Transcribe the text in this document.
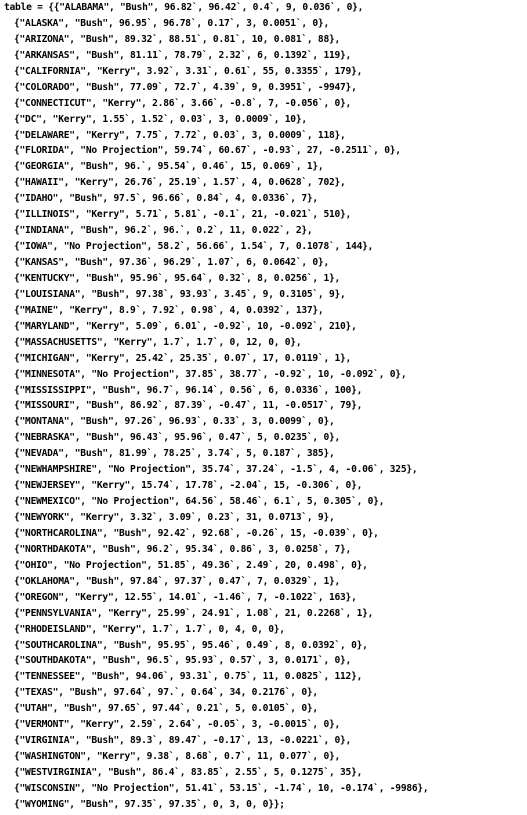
table = {{"ALABAMA", "Bush", 96.82`, 96.42`, 0.4`, 9, 0.036`, 0},
{"ALASKA", "Bush", 96.95`, 96.78`, 0.17`, 3, 0.0051`, 0},
{"ARIZONA", "Bush", 89.32`, 88.51`, 0.81`, 10, 0.081`, 88},
{"ARKANSAS", "Bush", 81.11`, 78.79`, 2.32`, 6, 0.1392`, 119},
{"CALIFORNIA", "Kerry", 3.92`, 3.31`, 0.61`, 55, 0.3355`, 179},
{"COLORADO", "Bush", 77.09`, 72.7`, 4.39`, 9, 0.3951`, -9947},
{"CONNECTICUT", "Kerry", 2.86`, 3.66`, -0.8`, 7, -0.056`, 0},
{"DC", "Kerry", 1.55`, 1.52`, 0.03`, 3, 0.0009`, 10},
{"DELAWARE", "Kerry", 7.75`, 7.72`, 0.03`, 3, 0.0009`, 118},
{"FLORIDA", "No Projection", 59.74`, 60.67`, -0.93`, 27, -0.2511`, 0},
{"GEORGIA", "Bush", 96.`, 95.54`, 0.46`, 15, 0.069`, 1},
{"HAWAII", "Kerry", 26.76`, 25.19`, 1.57`, 4, 0.0628`, 702},
{"IDAHO", "Bush", 97.5`, 96.66`, 0.84`, 4, 0.0336`, 7},
{"ILLINOIS", "Kerry", 5.71`, 5.81`, -0.1`, 21, -0.021`, 510},
{"INDIANA", "Bush", 96.2`, 96.`, 0.2`, 11, 0.022`, 2},
{"IOWA", "No Projection", 58.2`, 56.66`, 1.54`, 7, 0.1078`, 144},
{"KANSAS", "Bush", 97.36`, 96.29`, 1.07`, 6, 0.0642`, 0},
{"KENTUCKY", "Bush", 95.96`, 95.64`, 0.32`, 8, 0.0256`, 1},
{"LOUISIANA", "Bush", 97.38`, 93.93`, 3.45`, 9, 0.3105`, 9},
{"MAINE", "Kerry", 8.9`, 7.92`, 0.98`, 4, 0.0392`, 137},
{"MARYLAND", "Kerry", 5.09`, 6.01`, -0.92`, 10, -0.092`, 210},
{"MASSACHUSETTS", "Kerry", 1.7`, 1.7`, 0, 12, 0, 0},
{"MICHIGAN", "Kerry", 25.42`, 25.35`, 0.07`, 17, 0.0119`, 1},
{"MINNESOTA", "No Projection", 37.85`, 38.77`, -0.92`, 10, -0.092`, 0},
{"MISSISSIPPI", "Bush", 96.7`, 96.14`, 0.56`, 6, 0.0336`, 100},
{"MISSOURI", "Bush", 86.92`, 87.39`, -0.47`, 11, -0.0517`, 79},
{"MONTANA", "Bush", 97.26`, 96.93`, 0.33`, 3, 0.0099`, 0},
{"NEBRASKA", "Bush", 96.43`, 95.96`, 0.47`, 5, 0.0235`, 0},
{"NEVADA", "Bush", 81.99`, 78.25`, 3.74`, 5, 0.187`, 385},
{"NEWHAMPSHIRE", "No Projection", 35.74`, 37.24`, -1.5`, 4, -0.06`, 325},
{"NEWJERSEY", "Kerry", 15.74`, 17.78`, -2.04`, 15, -0.306`, 0},
{"NEWMEXICO", "No Projection", 64.56`, 58.46`, 6.1`, 5, 0.305`, 0},
{"NEWYORK", "Kerry", 3.32`, 3.09`, 0.23`, 31, 0.0713`, 9},
{"NORTHCAROLINA", "Bush", 92.42`, 92.68`, -0.26`, 15, -0.039`, 0},
{"NORTHDAKOTA", "Bush", 96.2`, 95.34`, 0.86`, 3, 0.0258`, 7},
{"OHIO", "No Projection", 51.85`, 49.36`, 2.49`, 20, 0.498`, 0},
{"OKLAHOMA", "Bush", 97.84`, 97.37`, 0.47`, 7, 0.0329`, 1},
{"OREGON", "Kerry", 12.55`, 14.01`, -1.46`, 7, -0.1022`, 163},
{"PENNSYLVANIA", "Kerry", 25.99`, 24.91`, 1.08`, 21, 0.2268`, 1},
{"RHODEISLAND", "Kerry", 1.7`, 1.7`, 0, 4, 0, 0},
{"SOUTHCAROLINA", "Bush", 95.95`, 95.46`, 0.49`, 8, 0.0392`, 0},
{"SOUTHDAKOTA", "Bush", 96.5`, 95.93`, 0.57`, 3, 0.0171`, 0},
{"TENNESSEE", "Bush", 94.06`, 93.31`, 0.75`, 11, 0.0825`, 112},
{"TEXAS", "Bush", 97.64`, 97.`, 0.64`, 34, 0.2176`, 0},
{"UTAH", "Bush", 97.65`, 97.44`, 0.21`, 5, 0.0105`, 0},
{"VERMONT", "Kerry", 2.59`, 2.64`, -0.05`, 3, -0.0015`, 0},
{"VIRGINIA", "Bush", 89.3`, 89.47`, -0.17`, 13, -0.0221`, 0},
{"WASHINGTON", "Kerry", 9.38`, 8.68`, 0.7`, 11, 0.077`, 0},
{"WESTVIRGINIA", "Bush", 86.4`, 83.85`, 2.55`, 5, 0.1275`, 35},
{"WISCONSIN", "No Projection", 51.41`, 53.15`, -1.74`, 10, -0.174`, -9986},
{"WYOMING", "Bush", 97.35`, 97.35`, 0, 3, 0, 0}};
